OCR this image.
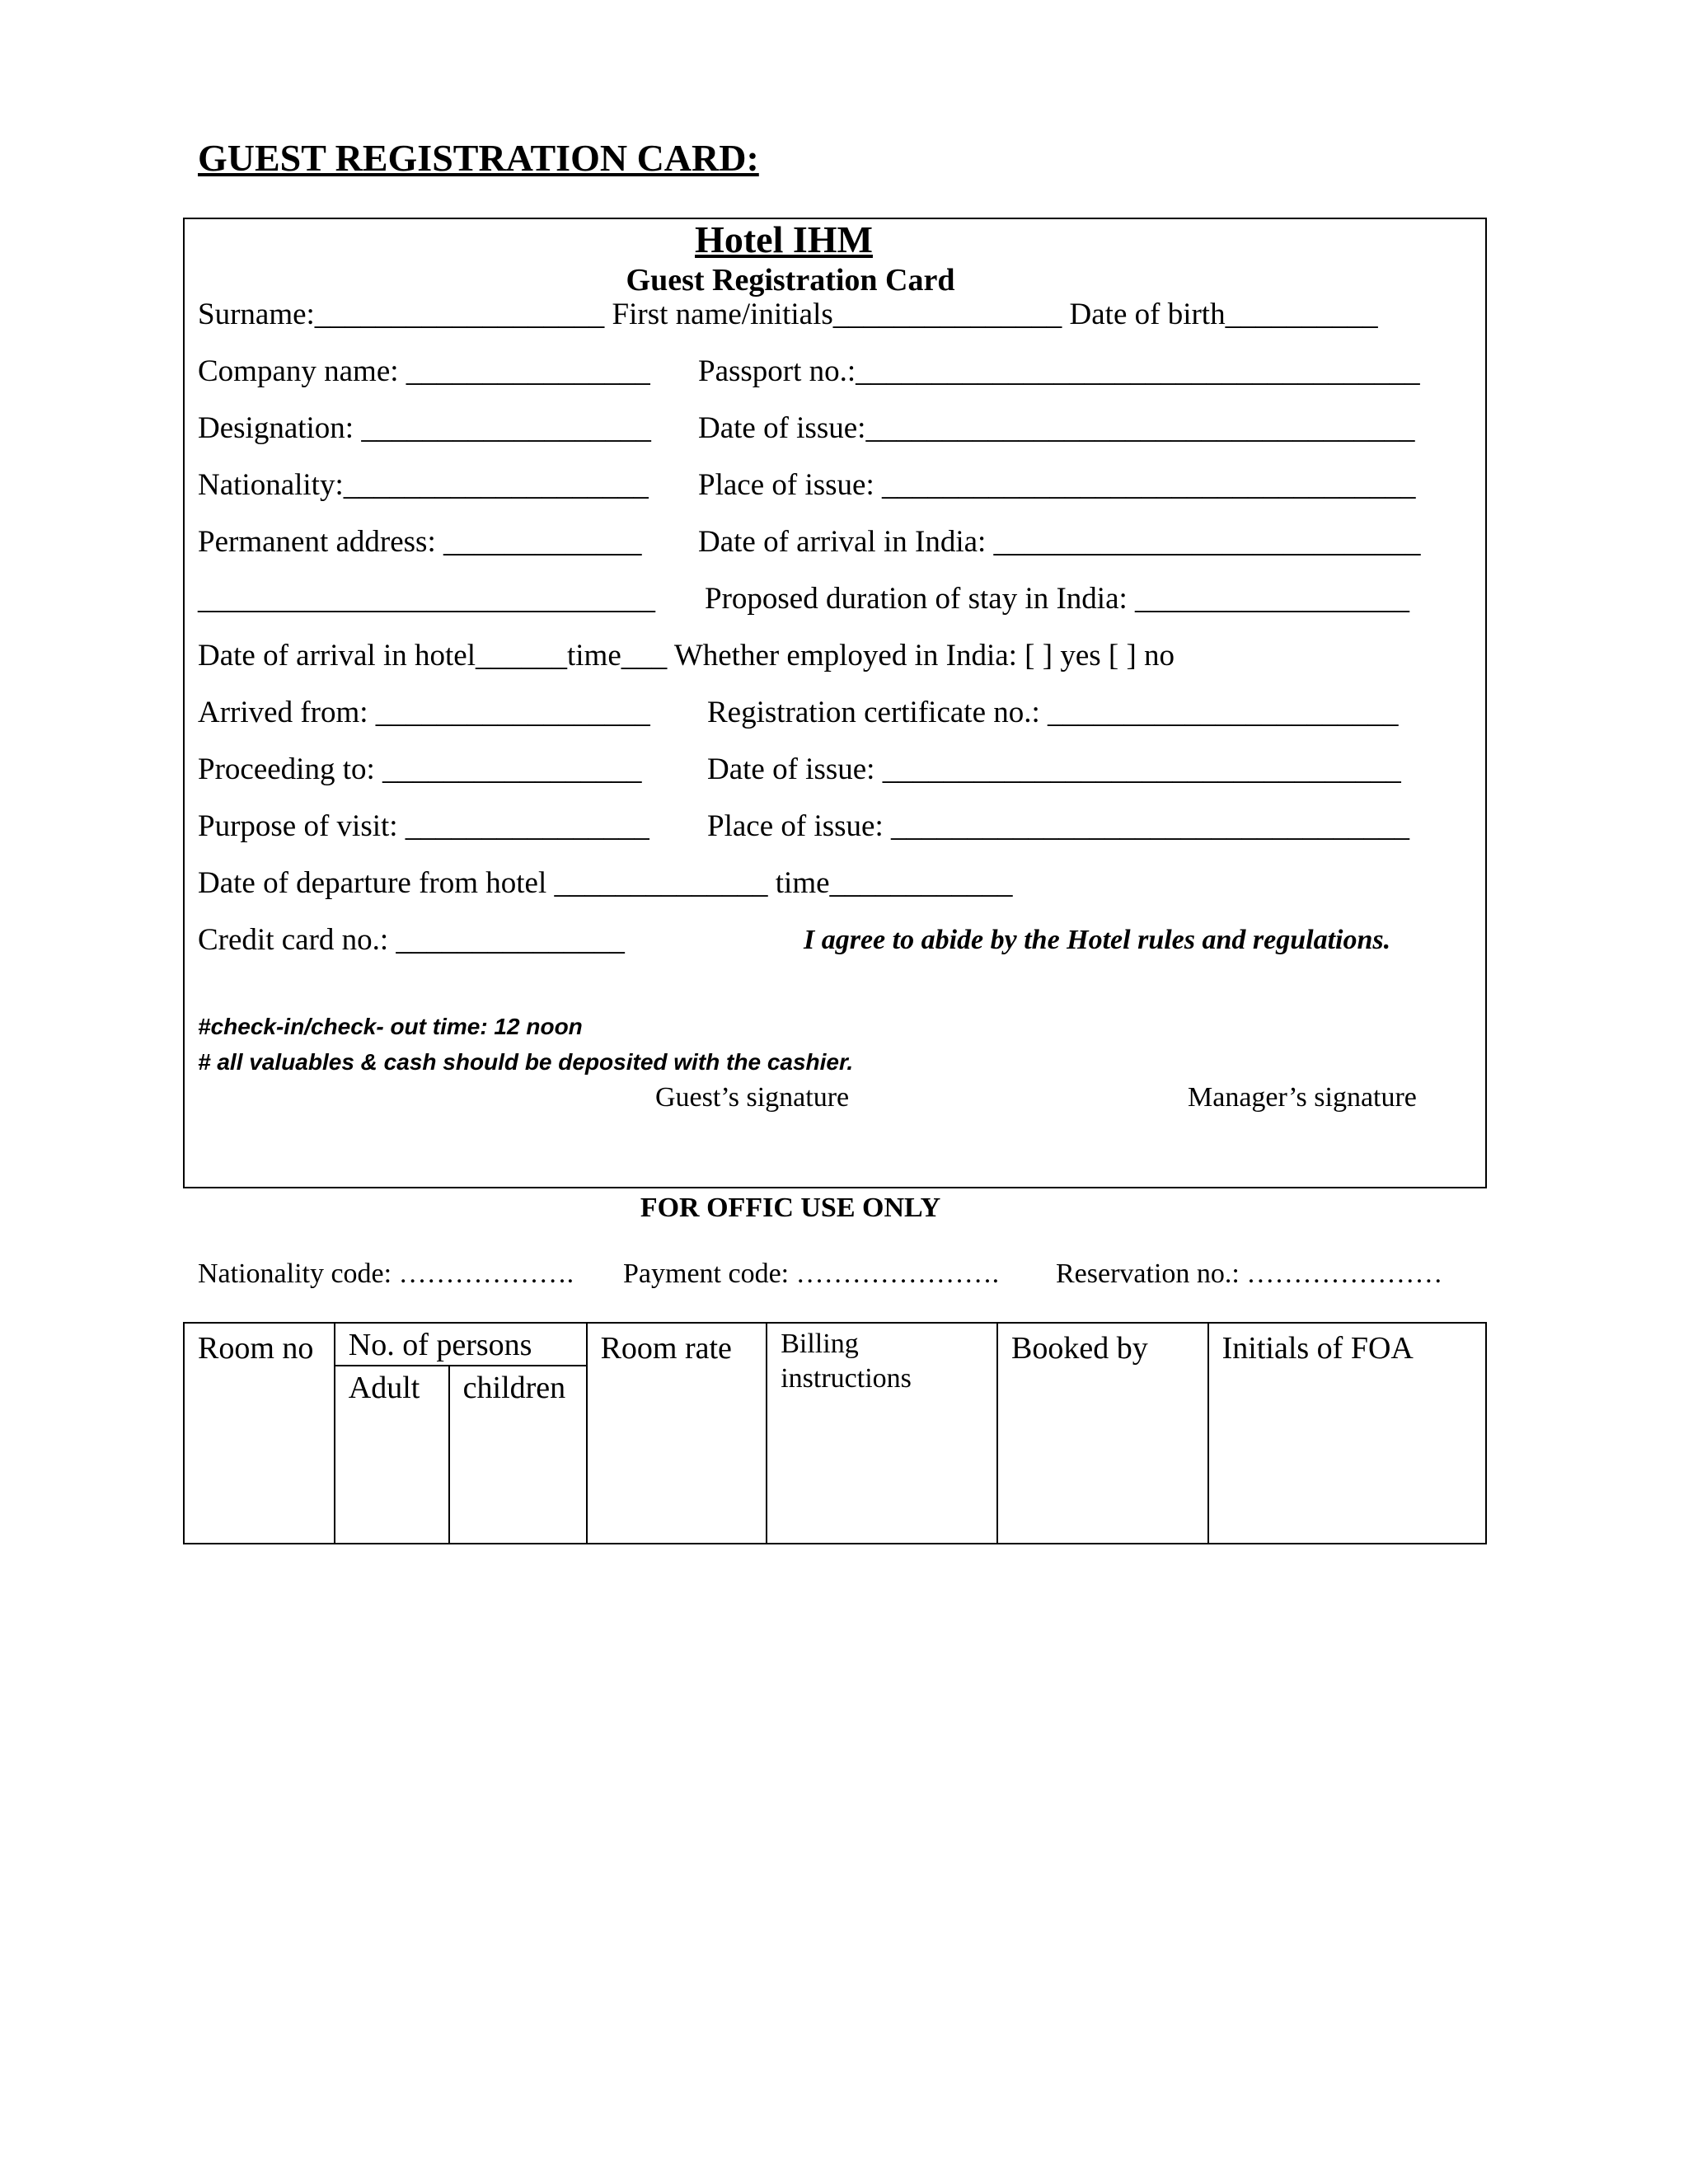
GUEST REGISTRATION CARD:
Hotel IHM
Guest Registration Card
Surname:___________________ First name/initials_______________ Date of birth__________
Company name: ________________ Passport no.:_____________________________________
Designation: ___________________ Date of issue:____________________________________
Nationality:____________________ Place of issue: ___________________________________
Permanent address: _____________ Date of arrival in India: ____________________________
______________________________ Proposed duration of stay in India: __________________
Date of arrival in hotel______time___ Whether employed in India: [ ] yes [ ] no
Arrived from: __________________ Registration certificate no.: _______________________
Proceeding to: _________________ Date of issue: __________________________________
Purpose of visit: ________________ Place of issue: __________________________________
Date of departure from hotel ______________ time____________
Credit card no.: _______________	I agree to abide by the Hotel rules and regulations.
#check-in/check- out time: 12 noon
# all valuables & cash should be deposited with the cashier.
Guest’s signature	Manager’s signature
FOR OFFIC USE ONLY
Nationality code: ………………. Payment code: …………………. Reservation no.: …………………
Room no	No. of persons		Room rate	Billing instructions	Booked by	Initials of FOA

	Adult	children				
